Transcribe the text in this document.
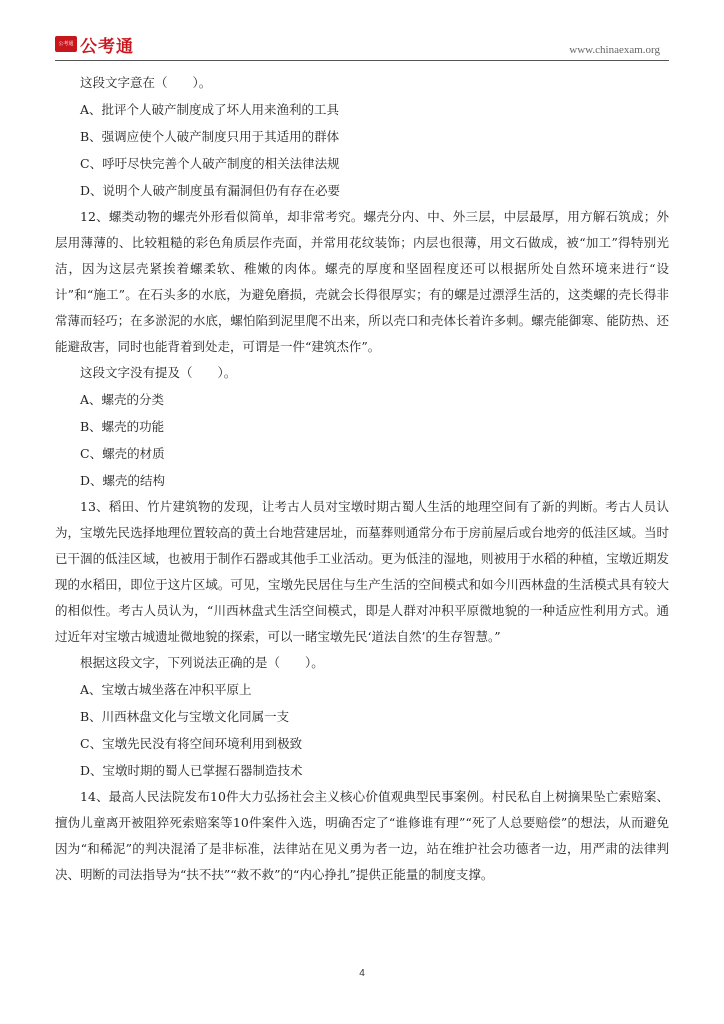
公考通 公考通	www.chinaexam.org

这段文字意在（　　）。

A、批评个人破产制度成了坏人用来渔利的工具

B、强调应使个人破产制度只用于其适用的群体

C、呼吁尽快完善个人破产制度的相关法律法规

D、说明个人破产制度虽有漏洞但仍有存在必要

12、螺类动物的螺壳外形看似简单，却非常考究。螺壳分内、中、外三层，中层最厚，用方解石筑成；外层用薄薄的、比较粗糙的彩色角质层作壳面，并常用花纹装饰；内层也很薄，用文石做成，被“加工”得特别光洁，因为这层壳紧挨着螺柔软、稚嫩的肉体。螺壳的厚度和坚固程度还可以根据所处自然环境来进行“设计”和“施工”。在石头多的水底，为避免磨损，壳就会长得很厚实；有的螺是过漂浮生活的，这类螺的壳长得非常薄而轻巧；在多淤泥的水底，螺怕陷到泥里爬不出来，所以壳口和壳体长着许多刺。螺壳能御寒、能防热、还能避敌害，同时也能背着到处走，可谓是一件“建筑杰作”。

这段文字没有提及（　　）。

A、螺壳的分类

B、螺壳的功能

C、螺壳的材质

D、螺壳的结构

13、稻田、竹片建筑物的发现，让考古人员对宝墩时期古蜀人生活的地理空间有了新的判断。考古人员认为，宝墩先民选择地理位置较高的黄土台地营建居址，而墓葬则通常分布于房前屋后或台地旁的低洼区域。当时已干涸的低洼区域，也被用于制作石器或其他手工业活动。更为低洼的湿地，则被用于水稻的种植，宝墩近期发现的水稻田，即位于这片区域。可见，宝墩先民居住与生产生活的空间模式和如今川西林盘的生活模式具有较大的相似性。考古人员认为，“川西林盘式生活空间模式，即是人群对冲积平原微地貌的一种适应性利用方式。通过近年对宝墩古城遗址微地貌的探索，可以一睹宝墩先民‘道法自然’的生存智慧。”

根据这段文字，下列说法正确的是（　　）。

A、宝墩古城坐落在冲积平原上

B、川西林盘文化与宝墩文化同属一支

C、宝墩先民没有将空间环境利用到极致

D、宝墩时期的蜀人已掌握石器制造技术

14、最高人民法院发布10件大力弘扬社会主义核心价值观典型民事案例。村民私自上树摘果坠亡索赔案、擅伪儿童离开被阻猝死索赔案等10件案件入选，明确否定了“谁修谁有理”“死了人总要赔偿”的想法，从而避免因为“和稀泥”的判决混淆了是非标准，法律站在见义勇为者一边，站在维护社会功德者一边，用严肃的法律判决、明断的司法指导为“扶不扶”“救不救”的“内心挣扎”提供正能量的制度支撑。

4
